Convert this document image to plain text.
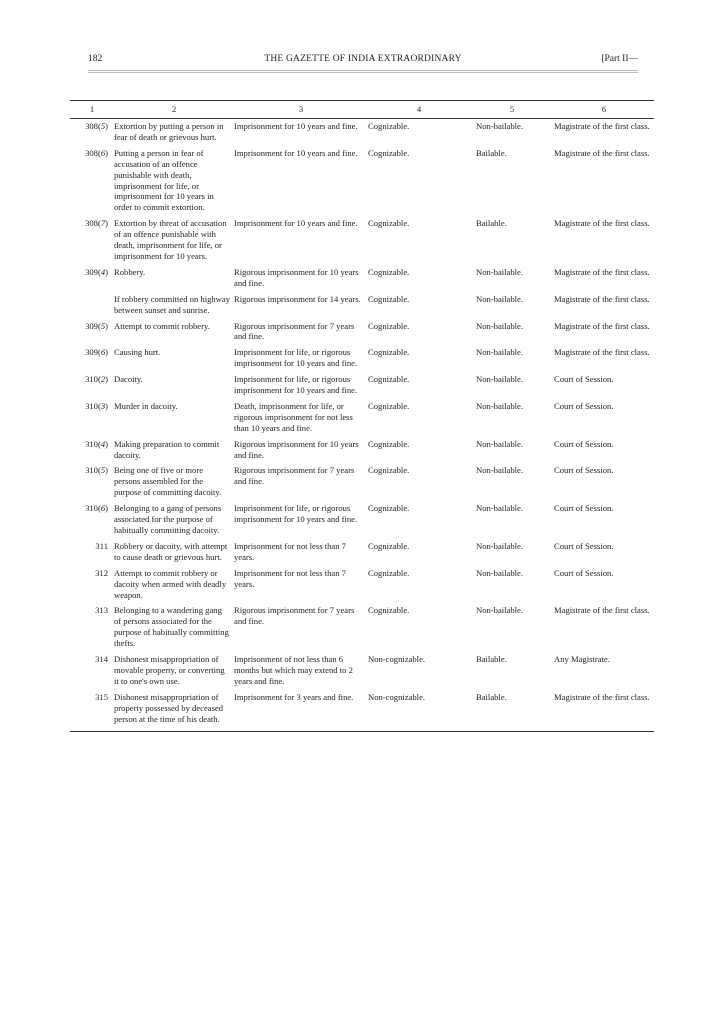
182	THE GAZETTE OF INDIA EXTRAORDINARY	[Part II—
1	2	3	4	5	6
308(5)	Extortion by putting a person in fear of death or grievous hurt.	Imprisonment for 10 years and fine.	Cognizable.	Non-bailable.	Magistrate of the first class.
308(6)	Putting a person in fear of accusation of an offence punishable with death, imprisonment for life, or imprisonment for 10 years in order to commit extortion.	Imprisonment for 10 years and fine.	Cognizable.	Bailable.	Magistrate of the first class.
308(7)	Extortion by threat of accusation of an offence punishable with death, imprisonment for life, or imprisonment for 10 years.	Imprisonment for 10 years and fine.	Cognizable.	Bailable.	Magistrate of the first class.
309(4)	Robbery.	Rigorous imprisonment for 10 years and fine.	Cognizable.	Non-bailable.	Magistrate of the first class.
	If robbery committed on highway between sunset and sunrise.	Rigorous imprisonment for 14 years.	Cognizable.	Non-bailable.	Magistrate of the first class.
309(5)	Attempt to commit robbery.	Rigorous imprisonment for 7 years and fine.	Cognizable.	Non-bailable.	Magistrate of the first class.
309(6)	Causing hurt.	Imprisonment for life, or rigorous imprisonment for 10 years and fine.	Cognizable.	Non-bailable.	Magistrate of the first class.
310(2)	Dacoity.	Imprisonment for life, or rigorous imprisonment for 10 years and fine.	Cognizable.	Non-bailable.	Court of Session.
310(3)	Murder in dacoity.	Death, imprisonment for life, or rigorous imprisonment for not less than 10 years and fine.	Cognizable.	Non-bailable.	Court of Session.
310(4)	Making preparation to commit dacoity.	Rigorous imprisonment for 10 years and fine.	Cognizable.	Non-bailable.	Court of Session.
310(5)	Being one of five or more persons assembled for the purpose of committing dacoity.	Rigorous imprisonment for 7 years and fine.	Cognizable.	Non-bailable.	Court of Session.
310(6)	Belonging to a gang of persons associated for the purpose of habitually committing dacoity.	Imprisonment for life, or rigorous imprisonment for 10 years and fine.	Cognizable.	Non-bailable.	Court of Session.
311	Robbery or dacoity, with attempt to cause death or grievous hurt.	Imprisonment for not less than 7 years.	Cognizable.	Non-bailable.	Court of Session.
312	Attempt to commit robbery or dacoity when armed with deadly weapon.	Imprisonment for not less than 7 years.	Cognizable.	Non-bailable.	Court of Session.
313	Belonging to a wandering gang of persons associated for the purpose of habitually committing thefts.	Rigorous imprisonment for 7 years and fine.	Cognizable.	Non-bailable.	Magistrate of the first class.
314	Dishonest misappropriation of movable property, or converting it to one's own use.	Imprisonment of not less than 6 months but which may extend to 2 years and fine.	Non-cognizable.	Bailable.	Any Magistrate.
315	Dishonest misappropriation of property possessed by deceased person at the time of his death.	Imprisonment for 3 years and fine.	Non-cognizable.	Bailable.	Magistrate of the first class.
